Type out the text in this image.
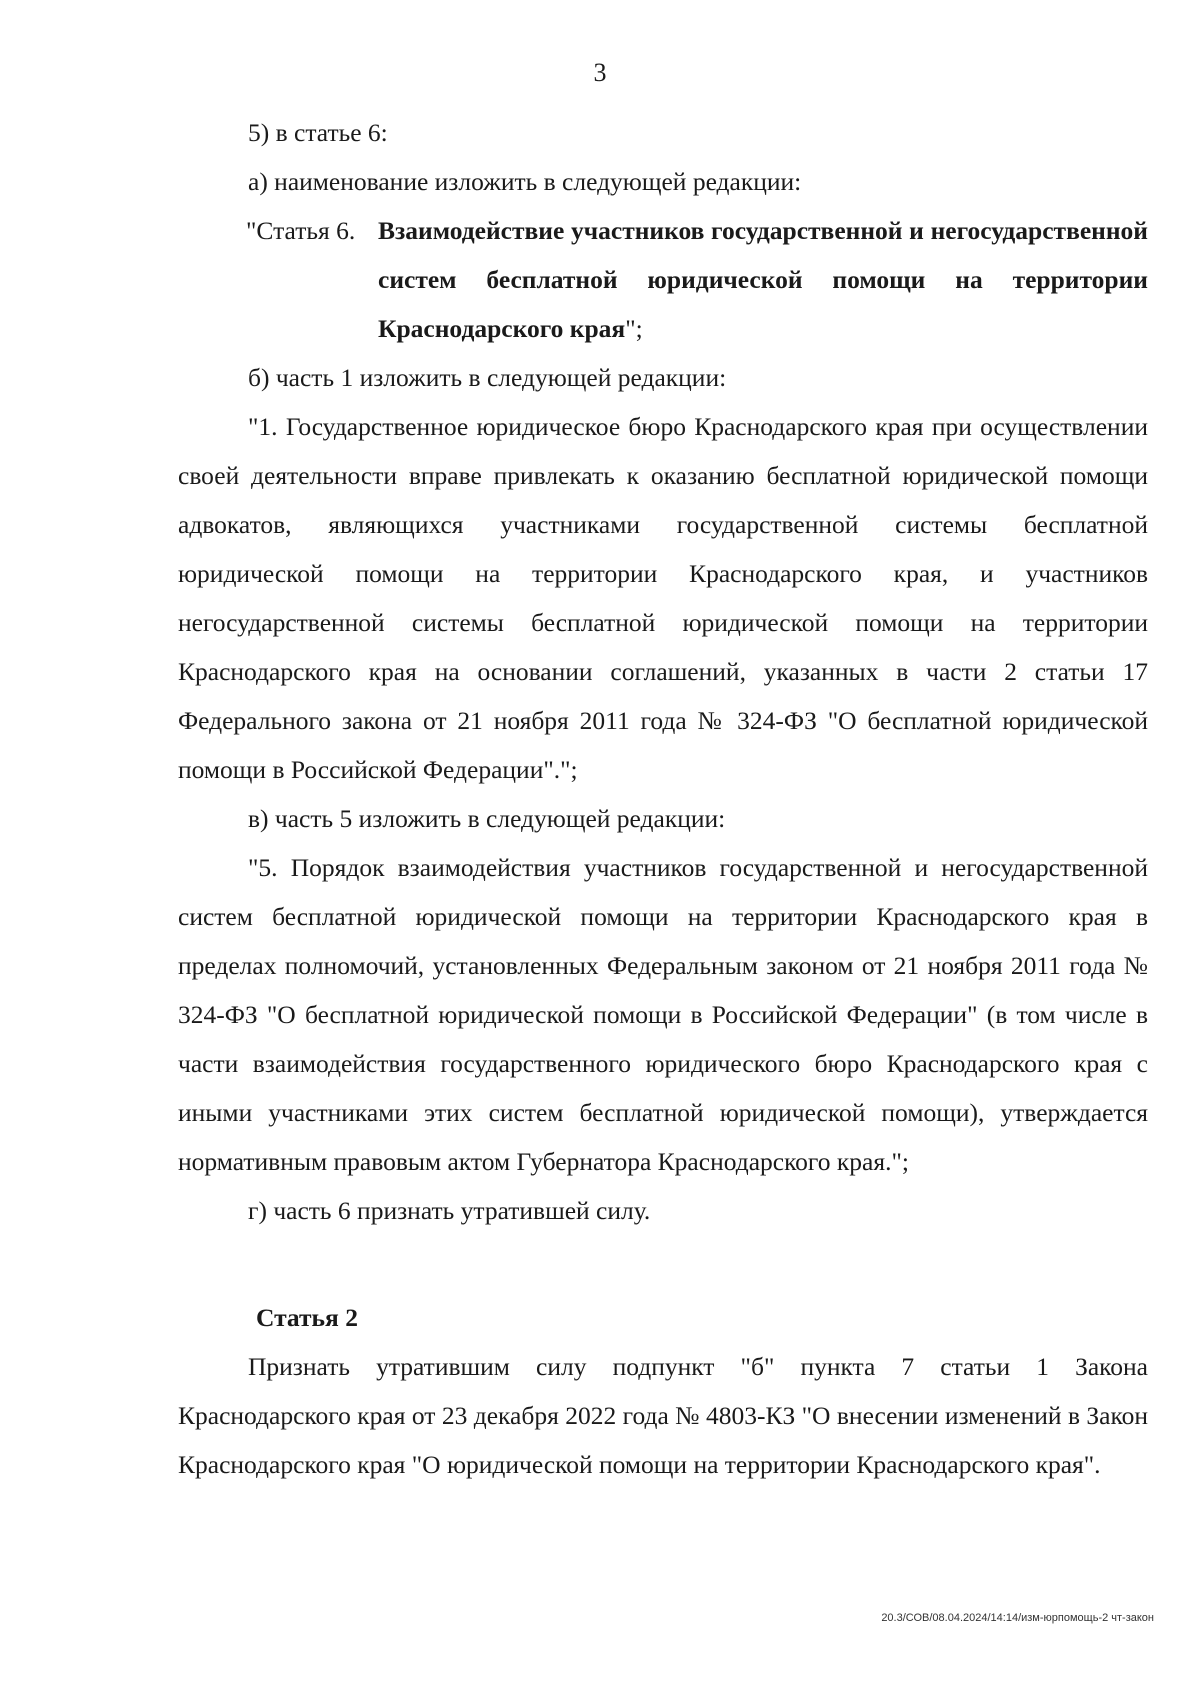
3

5) в статье 6:

а) наименование изложить в следующей редакции:

"Статья 6. Взаимодействие участников государственной и негосударственной систем бесплатной юридической помощи на территории Краснодарского края";

б) часть 1 изложить в следующей редакции:

"1. Государственное юридическое бюро Краснодарского края при осуществлении своей деятельности вправе привлекать к оказанию бесплатной юридической помощи адвокатов, являющихся участниками государственной системы бесплатной юридической помощи на территории Краснодарского края, и участников негосударственной системы бесплатной юридической помощи на территории Краснодарского края на основании соглашений, указанных в части 2 статьи 17 Федерального закона от 21 ноября 2011 года № 324-ФЗ "О бесплатной юридической помощи в Российской Федерации".";

в) часть 5 изложить в следующей редакции:

"5. Порядок взаимодействия участников государственной и негосударственной систем бесплатной юридической помощи на территории Краснодарского края в пределах полномочий, установленных Федеральным законом от 21 ноября 2011 года № 324-ФЗ "О бесплатной юридической помощи в Российской Федерации" (в том числе в части взаимодействия государственного юридического бюро Краснодарского края с иными участниками этих систем бесплатной юридической помощи), утверждается нормативным правовым актом Губернатора Краснодарского края.";

г) часть 6 признать утратившей силу.

Статья 2

Признать утратившим силу подпункт "б" пункта 7 статьи 1 Закона Краснодарского края от 23 декабря 2022 года № 4803-КЗ "О внесении изменений в Закон Краснодарского края "О юридической помощи на территории Краснодарского края".

20.3/СОВ/08.04.2024/14:14/изм-юрпомощь-2 чт-закон
